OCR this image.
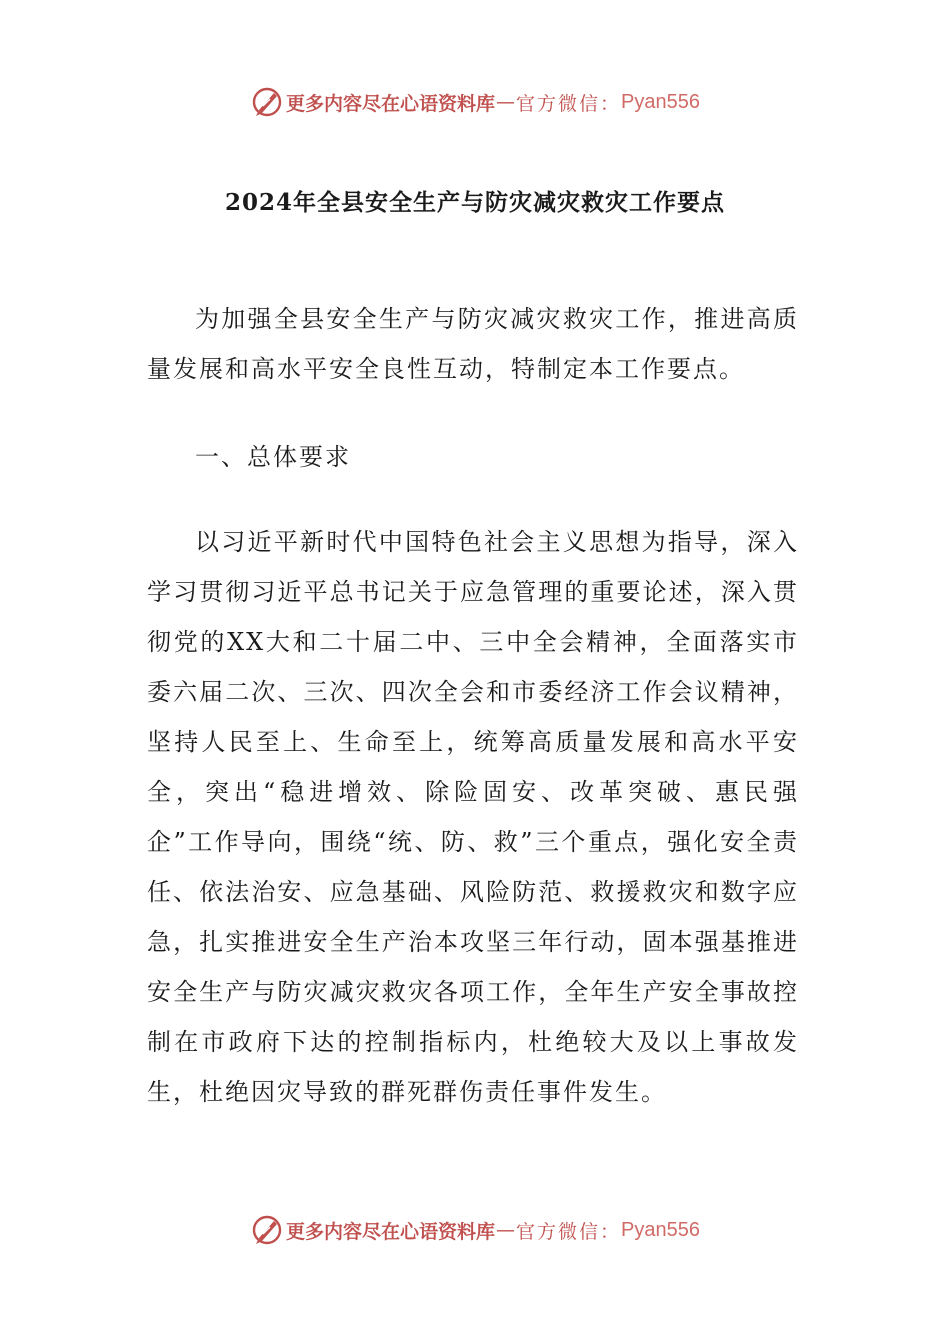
更多内容尽在心语资料库 — 官方微信： Pyan556
2024年全县安全生产与防灾减灾救灾工作要点

为加强全县安全生产与防灾减灾救灾工作，推进高质量发展和高水平安全良性互动，特制定本工作要点。

一、总体要求

以习近平新时代中国特色社会主义思想为指导，深入学习贯彻习近平总书记关于应急管理的重要论述，深入贯彻党的XX大和二十届二中、三中全会精神，全面落实市委六届二次、三次、四次全会和市委经济工作会议精神，坚持人民至上、生命至上，统筹高质量发展和高水平安全，突出“稳进增效、除险固安、改革突破、惠民强企”工作导向，围绕“统、防、救”三个重点，强化安全责任、依法治安、应急基础、风险防范、救援救灾和数字应急，扎实推进安全生产治本攻坚三年行动，固本强基推进安全生产与防灾减灾救灾各项工作，全年生产安全事故控制在市政府下达的控制指标内，杜绝较大及以上事故发生，杜绝因灾导致的群死群伤责任事件发生。

更多内容尽在心语资料库 — 官方微信： Pyan556
